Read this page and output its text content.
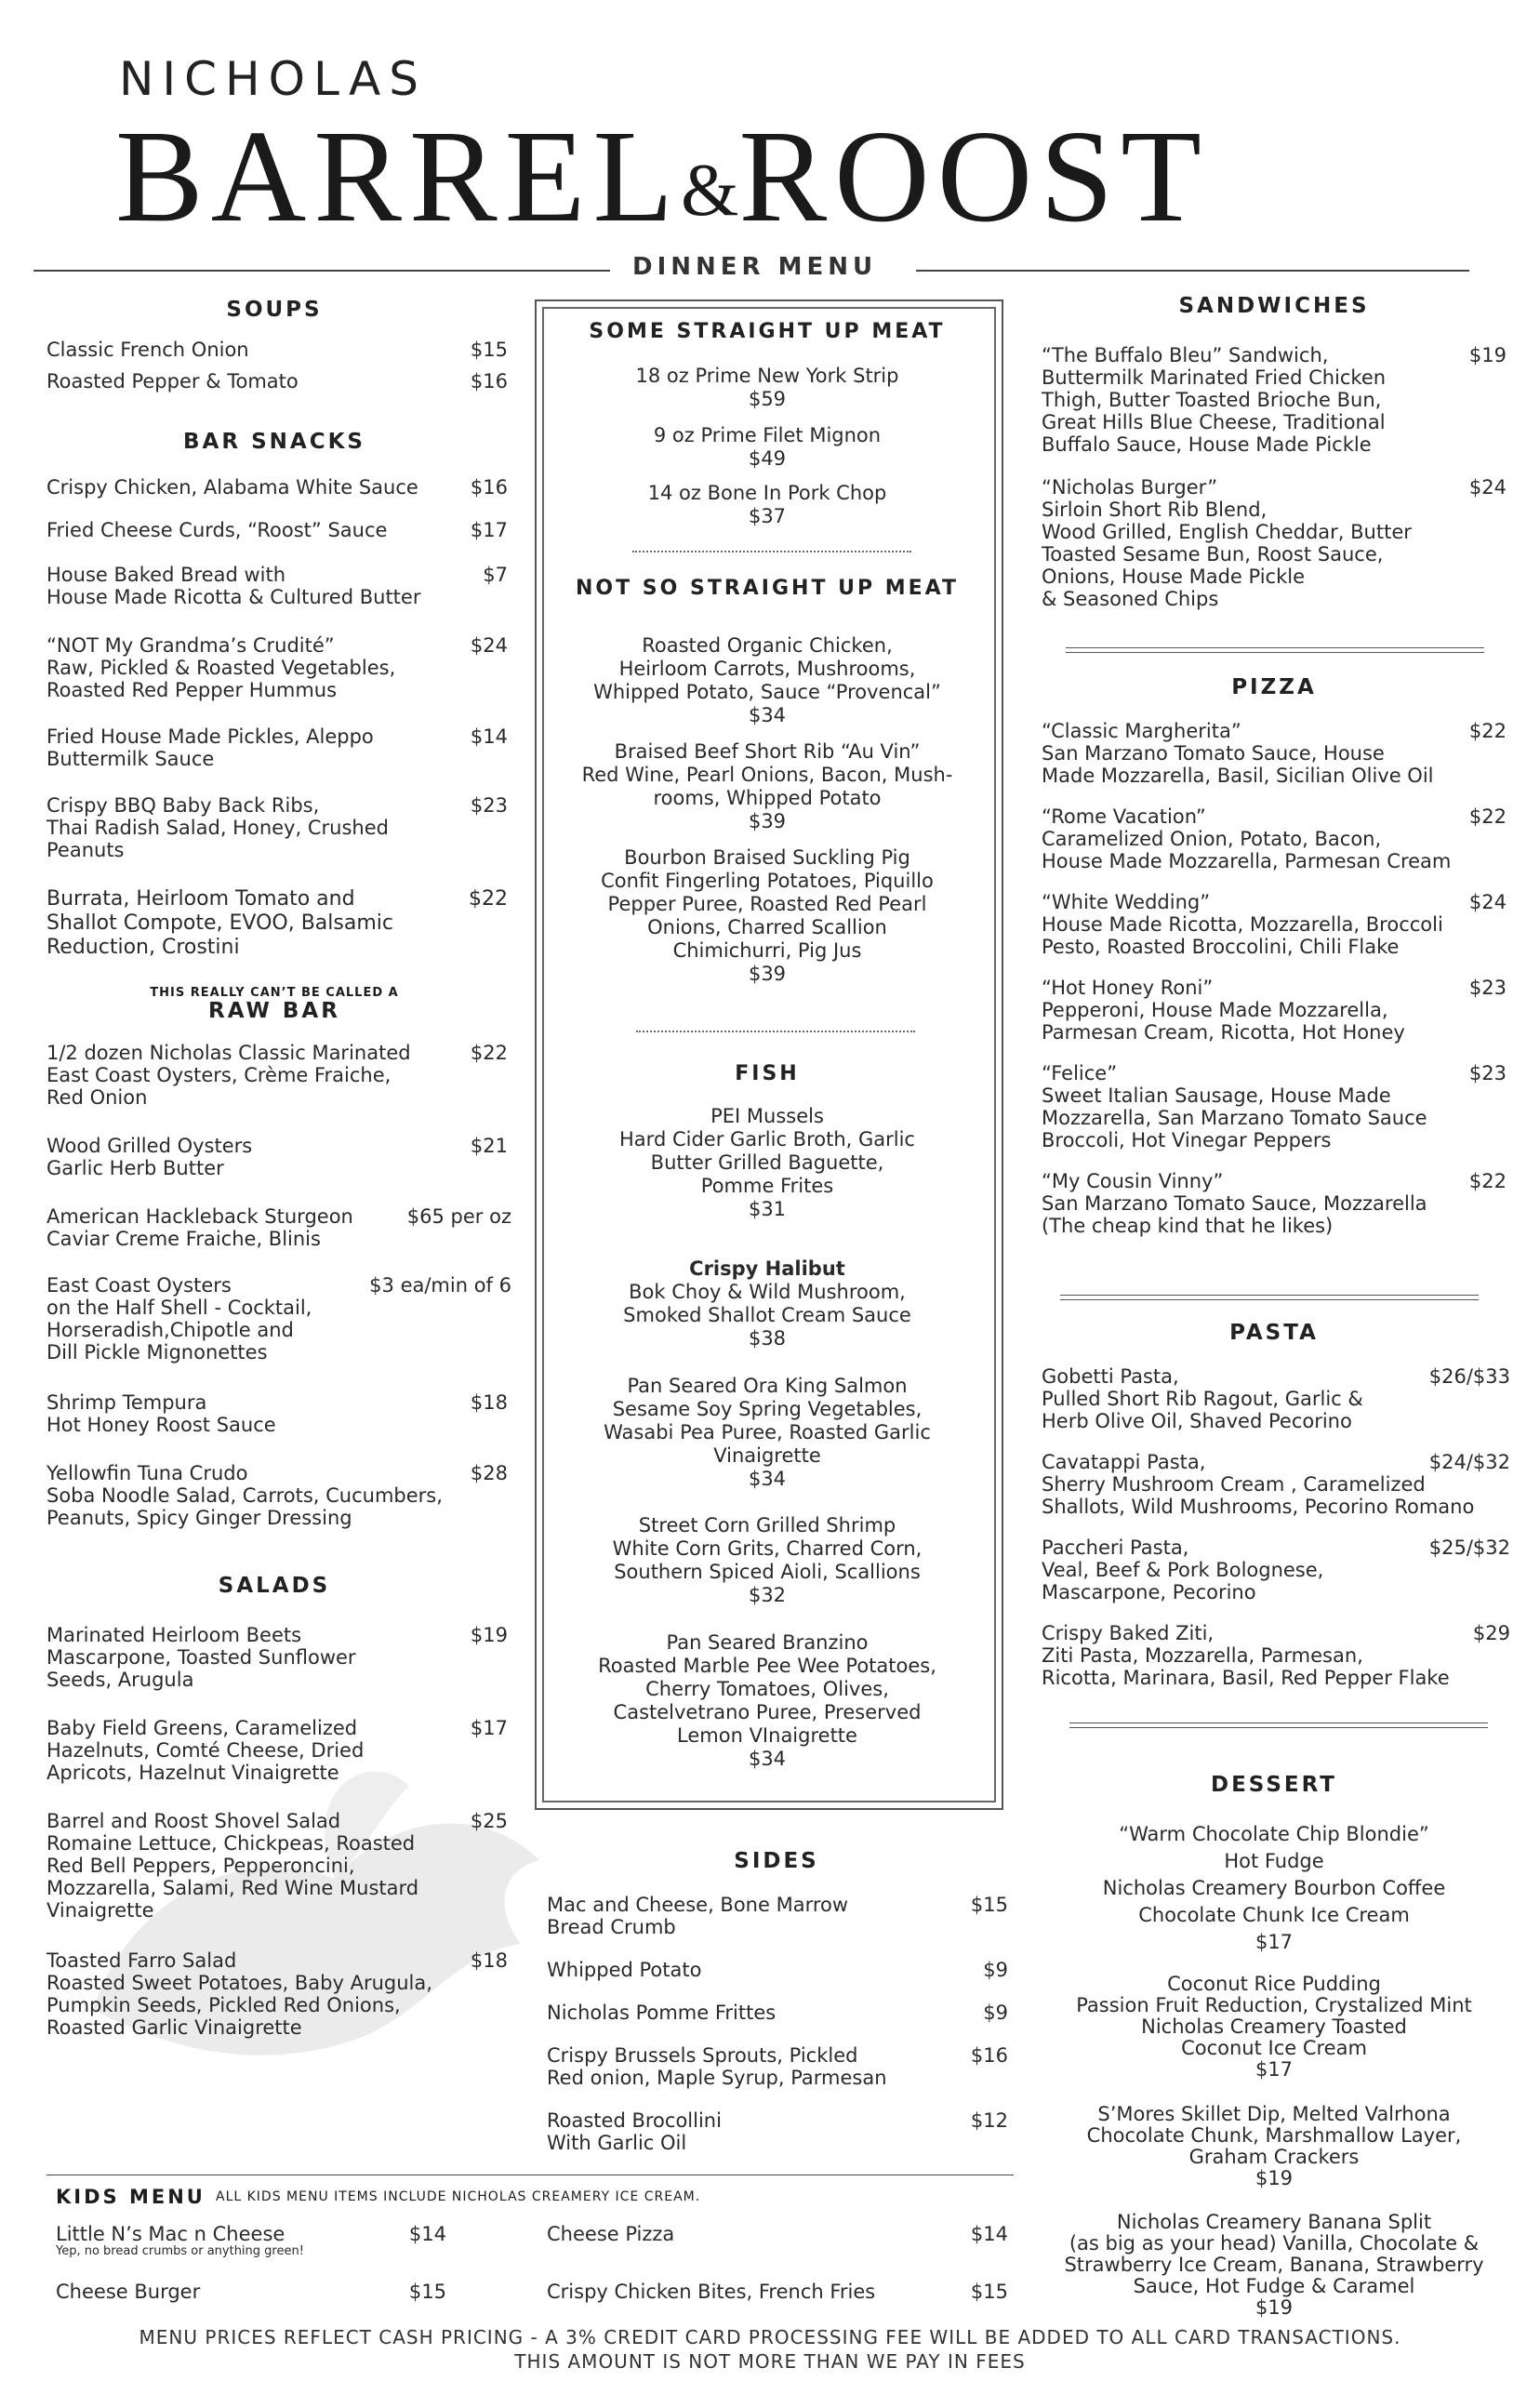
NICHOLAS
BARREL&ROOST
DINNER MENU
SOUPS
Classic French Onion	$15
Roasted Pepper & Tomato	$16
BAR SNACKS
Crispy Chicken, Alabama White Sauce	$16
Fried Cheese Curds, “Roost” Sauce	$17
House Baked Bread with
House Made Ricotta & Cultured Butter
$7
“NOT My Grandma’s Crudité”
Raw, Pickled & Roasted Vegetables,
Roasted Red Pepper Hummus
$24
Fried House Made Pickles, Aleppo
Buttermilk Sauce
$14
Crispy BBQ Baby Back Ribs,
Thai Radish Salad, Honey, Crushed
Peanuts
$23
Burrata, Heirloom Tomato and
Shallot Compote, EVOO, Balsamic
Reduction, Crostini
$22
THIS REALLY CAN’T BE CALLED A
RAW BAR
1/2 dozen Nicholas Classic Marinated
East Coast Oysters, Crème Fraiche,
Red Onion
$22
Wood Grilled Oysters
Garlic Herb Butter
$21
American Hackleback Sturgeon
Caviar Creme Fraiche, Blinis
$65 per oz
East Coast Oysters
on the Half Shell - Cocktail,
Horseradish,Chipotle and
Dill Pickle Mignonettes
$3 ea/min of 6
Shrimp Tempura
Hot Honey Roost Sauce
$18
Yellowfin Tuna Crudo
Soba Noodle Salad, Carrots, Cucumbers,
Peanuts, Spicy Ginger Dressing
$28
SALADS
Marinated Heirloom Beets
Mascarpone, Toasted Sunflower
Seeds, Arugula
$19
Baby Field Greens, Caramelized
Hazelnuts, Comté Cheese, Dried
Apricots, Hazelnut Vinaigrette
$17
Barrel and Roost Shovel Salad
Romaine Lettuce, Chickpeas, Roasted
Red Bell Peppers, Pepperoncini,
Mozzarella, Salami, Red Wine Mustard
Vinaigrette
$25
Toasted Farro Salad
Roasted Sweet Potatoes, Baby Arugula,
Pumpkin Seeds, Pickled Red Onions,
Roasted Garlic Vinaigrette
$18
SOME STRAIGHT UP MEAT
18 oz Prime New York Strip
$59
9 oz Prime Filet Mignon
$49
14 oz Bone In Pork Chop
$37
NOT SO STRAIGHT UP MEAT
Roasted Organic Chicken,
Heirloom Carrots, Mushrooms,
Whipped Potato, Sauce “Provencal”
$34
Braised Beef Short Rib “Au Vin”
Red Wine, Pearl Onions, Bacon, Mush-
rooms, Whipped Potato
$39
Bourbon Braised Suckling Pig
Confit Fingerling Potatoes, Piquillo
Pepper Puree, Roasted Red Pearl
Onions, Charred Scallion
Chimichurri, Pig Jus
$39
FISH
PEI Mussels
Hard Cider Garlic Broth, Garlic
Butter Grilled Baguette,
Pomme Frites
$31
Crispy Halibut
Bok Choy & Wild Mushroom,
Smoked Shallot Cream Sauce
$38
Pan Seared Ora King Salmon
Sesame Soy Spring Vegetables,
Wasabi Pea Puree, Roasted Garlic
Vinaigrette
$34
Street Corn Grilled Shrimp
White Corn Grits, Charred Corn,
Southern Spiced Aioli, Scallions
$32
Pan Seared Branzino
Roasted Marble Pee Wee Potatoes,
Cherry Tomatoes, Olives,
Castelvetrano Puree, Preserved
Lemon VInaigrette
$34
SIDES
Mac and Cheese, Bone Marrow
Bread Crumb
$15
Whipped Potato	$9
Nicholas Pomme Frittes	$9
Crispy Brussels Sprouts, Pickled
Red onion, Maple Syrup, Parmesan
$16
Roasted Brocollini
With Garlic Oil
$12
KIDS MENU ALL KIDS MENU ITEMS INCLUDE NICHOLAS CREAMERY ICE CREAM.
Little N’s Mac n Cheese
Yep, no bread crumbs or anything green!
$14
Cheese Burger	$15
Cheese Pizza	$14
Crispy Chicken Bites, French Fries	$15
SANDWICHES
“The Buffalo Bleu” Sandwich,
Buttermilk Marinated Fried Chicken
Thigh, Butter Toasted Brioche Bun,
Great Hills Blue Cheese, Traditional
Buffalo Sauce, House Made Pickle
$19
“Nicholas Burger”
Sirloin Short Rib Blend,
Wood Grilled, English Cheddar, Butter
Toasted Sesame Bun, Roost Sauce,
Onions, House Made Pickle
& Seasoned Chips
$24
PIZZA
“Classic Margherita”
San Marzano Tomato Sauce, House
Made Mozzarella, Basil, Sicilian Olive Oil
$22
“Rome Vacation”
Caramelized Onion, Potato, Bacon,
House Made Mozzarella, Parmesan Cream
$22
“White Wedding”
House Made Ricotta, Mozzarella, Broccoli
Pesto, Roasted Broccolini, Chili Flake
$24
“Hot Honey Roni”
Pepperoni, House Made Mozzarella,
Parmesan Cream, Ricotta, Hot Honey
$23
“Felice”
Sweet Italian Sausage, House Made
Mozzarella, San Marzano Tomato Sauce
Broccoli, Hot Vinegar Peppers
$23
“My Cousin Vinny”
San Marzano Tomato Sauce, Mozzarella
(The cheap kind that he likes)
$22
PASTA
Gobetti Pasta,
Pulled Short Rib Ragout, Garlic &
Herb Olive Oil, Shaved Pecorino
$26/$33
Cavatappi Pasta,
Sherry Mushroom Cream , Caramelized
Shallots, Wild Mushrooms, Pecorino Romano
$24/$32
Paccheri Pasta,
Veal, Beef & Pork Bolognese,
Mascarpone, Pecorino
$25/$32
Crispy Baked Ziti,
Ziti Pasta, Mozzarella, Parmesan,
Ricotta, Marinara, Basil, Red Pepper Flake
$29
DESSERT
“Warm Chocolate Chip Blondie”
Hot Fudge
Nicholas Creamery Bourbon Coffee
Chocolate Chunk Ice Cream
$17
Coconut Rice Pudding
Passion Fruit Reduction, Crystalized Mint
Nicholas Creamery Toasted
Coconut Ice Cream
$17
S’Mores Skillet Dip, Melted Valrhona
Chocolate Chunk, Marshmallow Layer,
Graham Crackers
$19
Nicholas Creamery Banana Split
(as big as your head) Vanilla, Chocolate &
Strawberry Ice Cream, Banana, Strawberry
Sauce, Hot Fudge & Caramel
$19
MENU PRICES REFLECT CASH PRICING - A 3% CREDIT CARD PROCESSING FEE WILL BE ADDED TO ALL CARD TRANSACTIONS.
THIS AMOUNT IS NOT MORE THAN WE PAY IN FEES
